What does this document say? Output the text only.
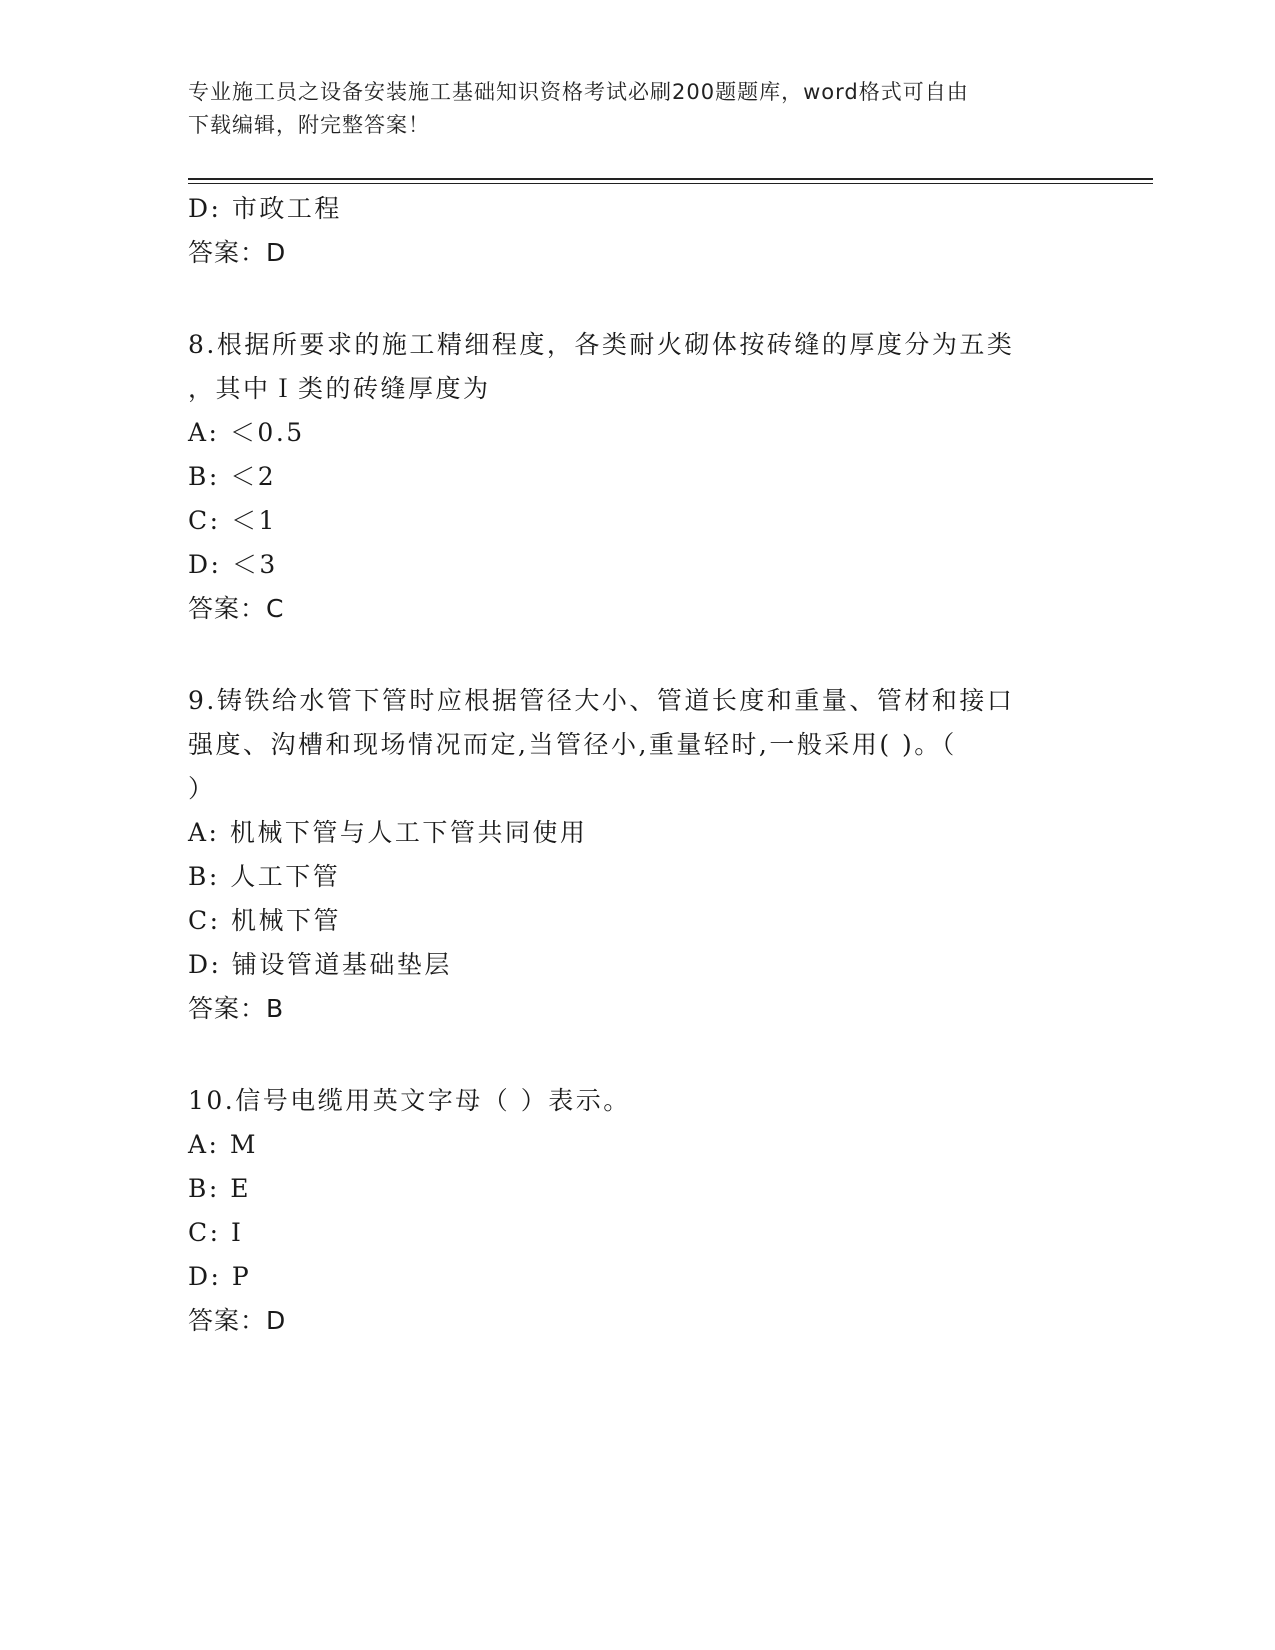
专业施工员之设备安装施工基础知识资格考试必刷200题题库，word格式可自由
下载编辑，附完整答案！
D: 市政工程
答案：D
8.根据所要求的施工精细程度，各类耐火砌体按砖缝的厚度分为五类
，其中Ｉ类的砖缝厚度为
A: ＜0.5
B: ＜2
C: ＜1
D: ＜3
答案：C
9.铸铁给水管下管时应根据管径大小、管道长度和重量、管材和接口
强度、沟槽和现场情况而定,当管径小,重量轻时,一般采用( )。（
）
A: 机械下管与人工下管共同使用
B: 人工下管
C: 机械下管
D: 铺设管道基础垫层
答案：B
10.信号电缆用英文字母（ ）表示。
A: M
B: E
C: I
D: P
答案：D
